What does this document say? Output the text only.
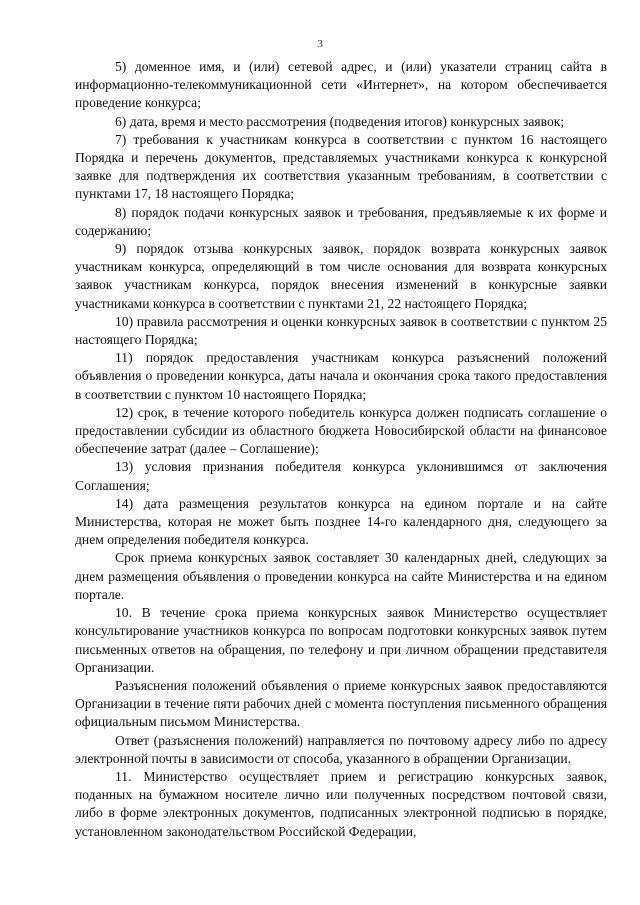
3

5) доменное имя, и (или) сетевой адрес, и (или) указатели страниц сайта в информационно-телекоммуникационной сети «Интернет», на котором обеспечивается проведение конкурса;

6) дата, время и место рассмотрения (подведения итогов) конкурсных заявок;

7) требования к участникам конкурса в соответствии с пунктом 16 настоящего Порядка и перечень документов, представляемых участниками конкурса к конкурсной заявке для подтверждения их соответствия указанным требованиям, в соответствии с пунктами 17, 18 настоящего Порядка;

8) порядок подачи конкурсных заявок и требования, предъявляемые к их форме и содержанию;

9) порядок отзыва конкурсных заявок, порядок возврата конкурсных заявок участникам конкурса, определяющий в том числе основания для возврата конкурсных заявок участникам конкурса, порядок внесения изменений в конкурсные заявки участниками конкурса в соответствии с пунктами 21, 22 настоящего Порядка;

10) правила рассмотрения и оценки конкурсных заявок в соответствии с пунктом 25 настоящего Порядка;

11) порядок предоставления участникам конкурса разъяснений положений объявления о проведении конкурса, даты начала и окончания срока такого предоставления в соответствии с пунктом 10 настоящего Порядка;

12) срок, в течение которого победитель конкурса должен подписать соглашение о предоставлении субсидии из областного бюджета Новосибирской области на финансовое обеспечение затрат (далее – Соглашение);

13) условия признания победителя конкурса уклонившимся от заключения Соглашения;

14) дата размещения результатов конкурса на едином портале и на сайте Министерства, которая не может быть позднее 14-го календарного дня, следующего за днем определения победителя конкурса.

Срок приема конкурсных заявок составляет 30 календарных дней, следующих за днем размещения объявления о проведении конкурса на сайте Министерства и на едином портале.

10. В течение срока приема конкурсных заявок Министерство осуществляет консультирование участников конкурса по вопросам подготовки конкурсных заявок путем письменных ответов на обращения, по телефону и при личном обращении представителя Организации.

Разъяснения положений объявления о приеме конкурсных заявок предоставляются Организации в течение пяти рабочих дней с момента поступления письменного обращения официальным письмом Министерства.

Ответ (разъяснения положений) направляется по почтовому адресу либо по адресу электронной почты в зависимости от способа, указанного в обращении Организации.

11. Министерство осуществляет прием и регистрацию конкурсных заявок, поданных на бумажном носителе лично или полученных посредством почтовой связи, либо в форме электронных документов, подписанных электронной подписью в порядке, установленном законодательством Российской Федерации,
